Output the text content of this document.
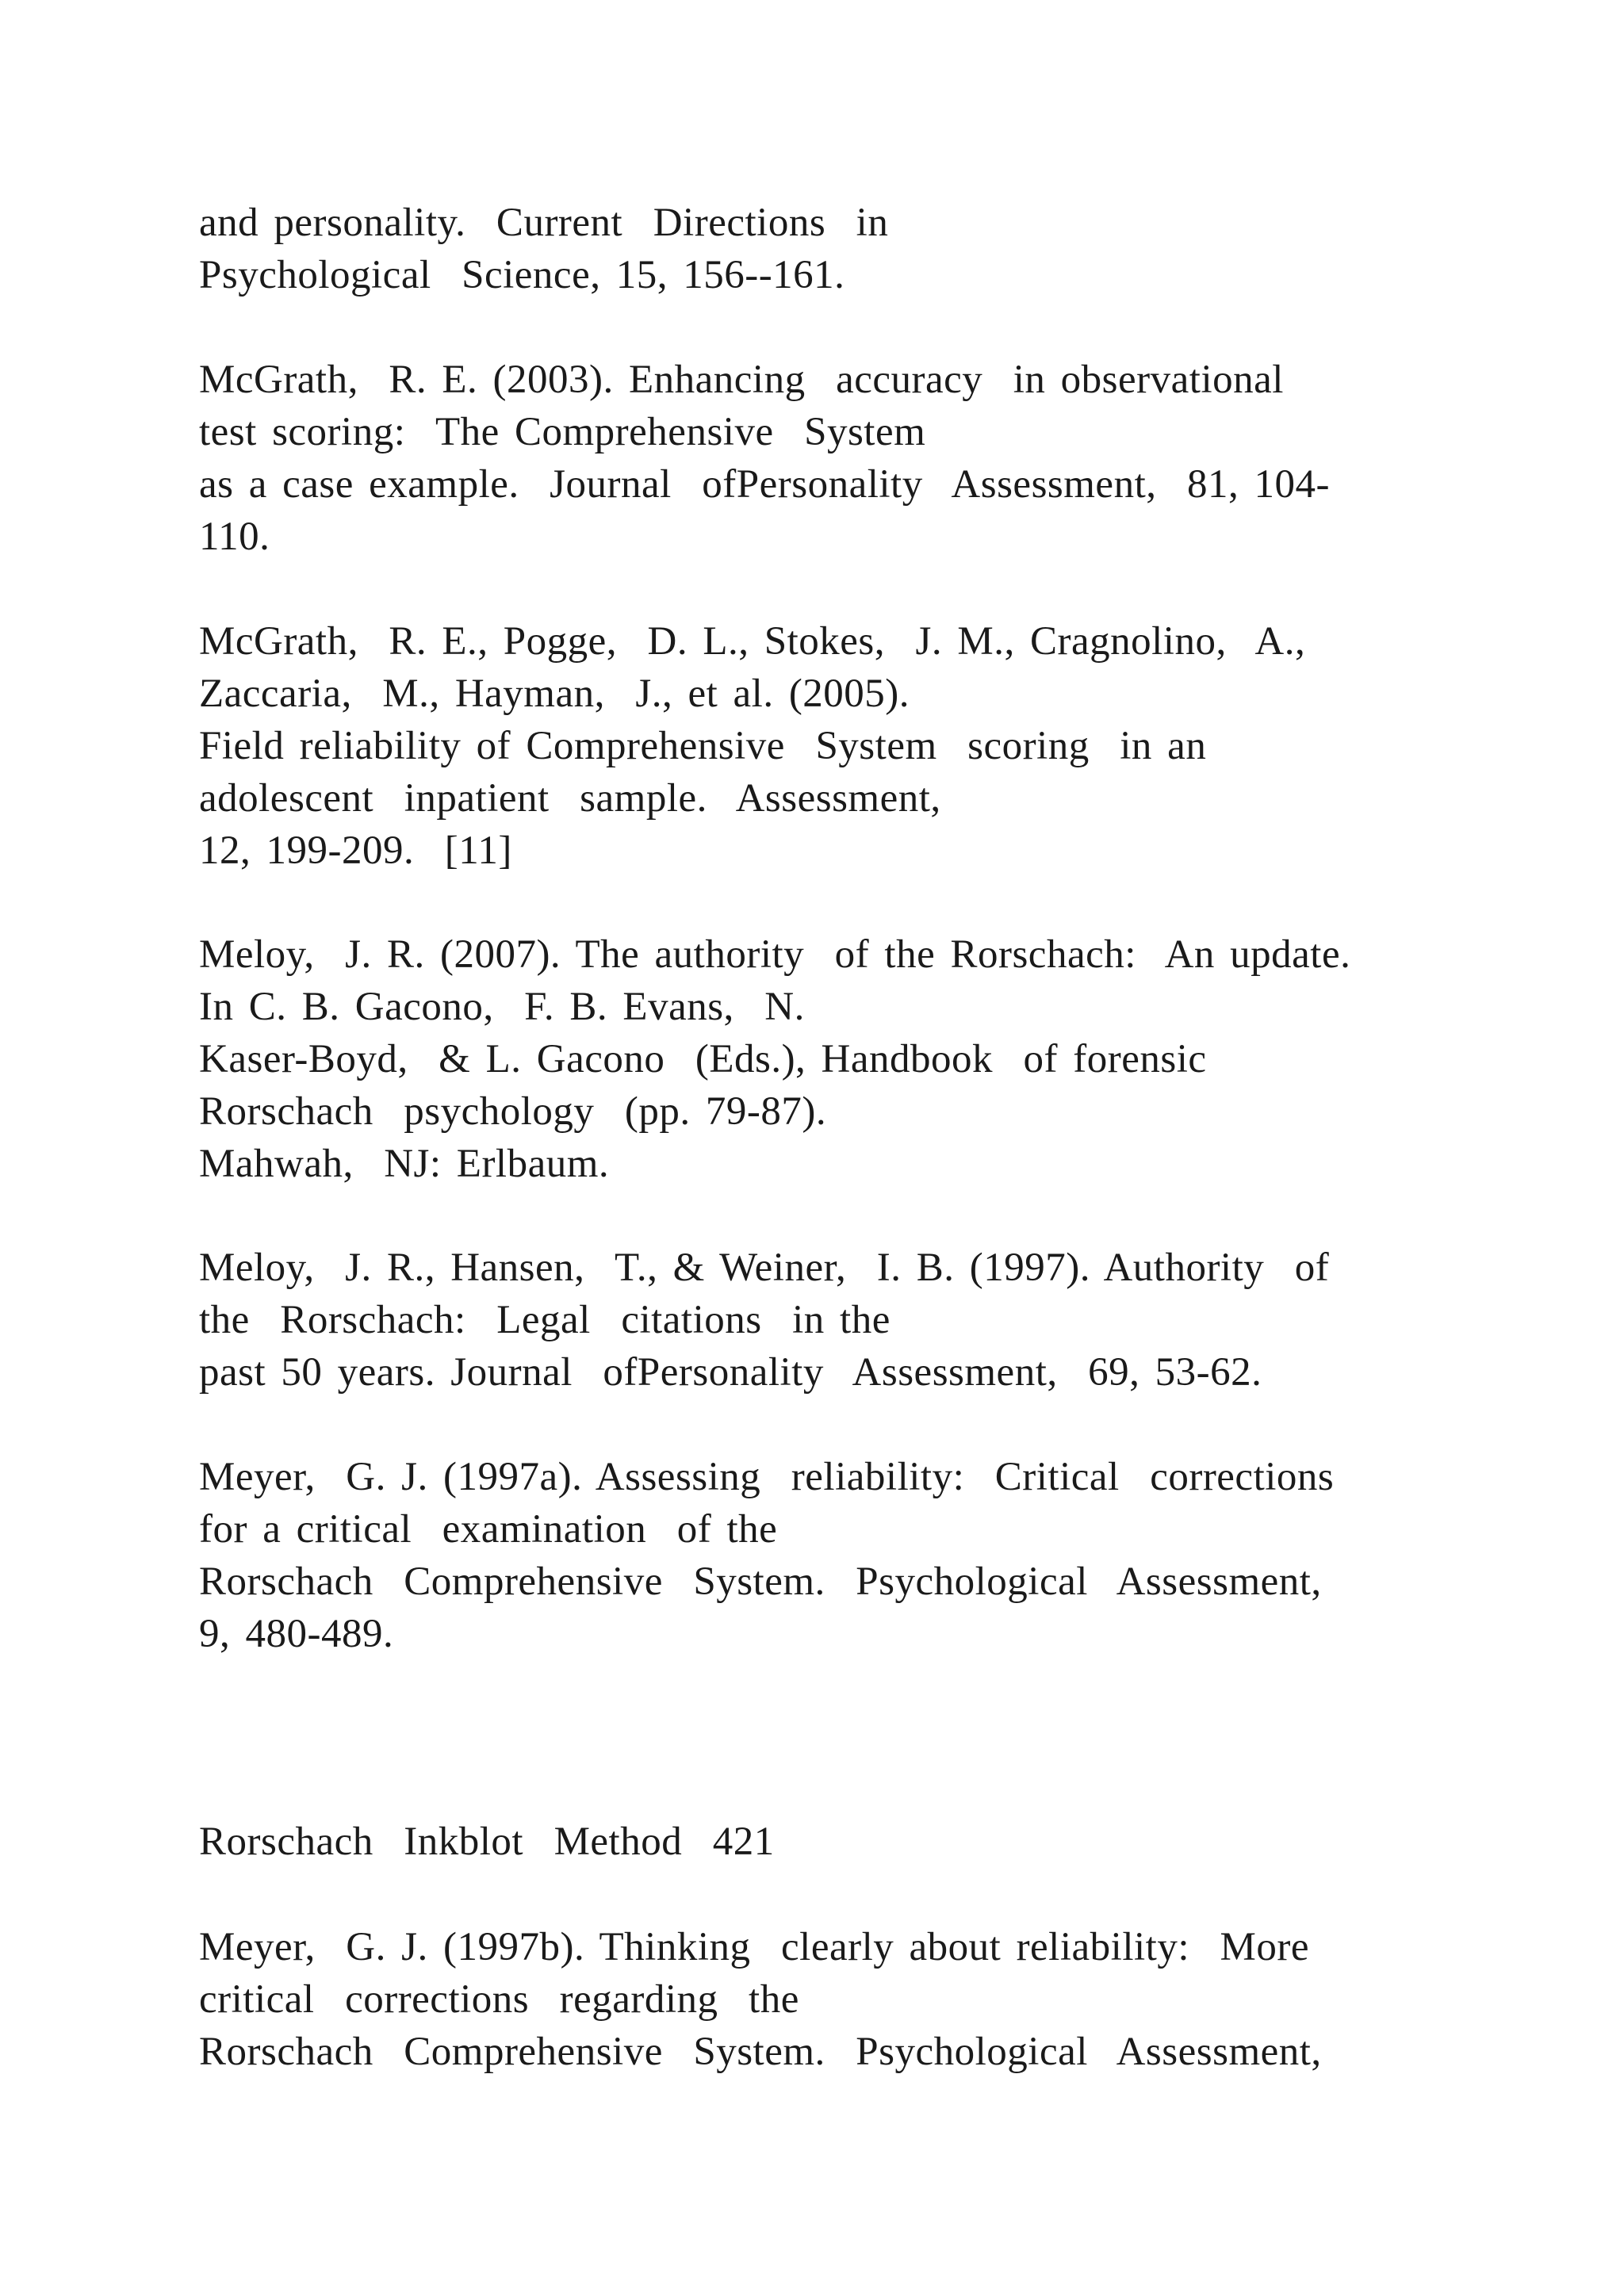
and personality.  Current  Directions  in
Psychological  Science, 15, 156--161.
McGrath,  R. E. (2003). Enhancing  accuracy  in observational
test scoring:  The Comprehensive  System
as a case example.  Journal  ofPersonality  Assessment,  81, 104-
110.
McGrath,  R. E., Pogge,  D. L., Stokes,  J. M., Cragnolino,  A.,
Zaccaria,  M., Hayman,  J., et al. (2005).
Field reliability of Comprehensive  System  scoring  in an
adolescent  inpatient  sample.  Assessment,
12, 199-209.  [11]
Meloy,  J. R. (2007). The authority  of the Rorschach:  An update.
In C. B. Gacono,  F. B. Evans,  N.
Kaser-Boyd,  & L. Gacono  (Eds.), Handbook  of forensic
Rorschach  psychology  (pp. 79-87).
Mahwah,  NJ: Erlbaum.
Meloy,  J. R., Hansen,  T., & Weiner,  I. B. (1997). Authority  of
the  Rorschach:  Legal  citations  in the
past 50 years. Journal  ofPersonality  Assessment,  69, 53-62.
Meyer,  G. J. (1997a). Assessing  reliability:  Critical  corrections
for a critical  examination  of the
Rorschach  Comprehensive  System.  Psychological  Assessment,
9, 480-489.
Rorschach  Inkblot  Method  421
Meyer,  G. J. (1997b). Thinking  clearly about reliability:  More
critical  corrections  regarding  the
Rorschach  Comprehensive  System.  Psychological  Assessment,
